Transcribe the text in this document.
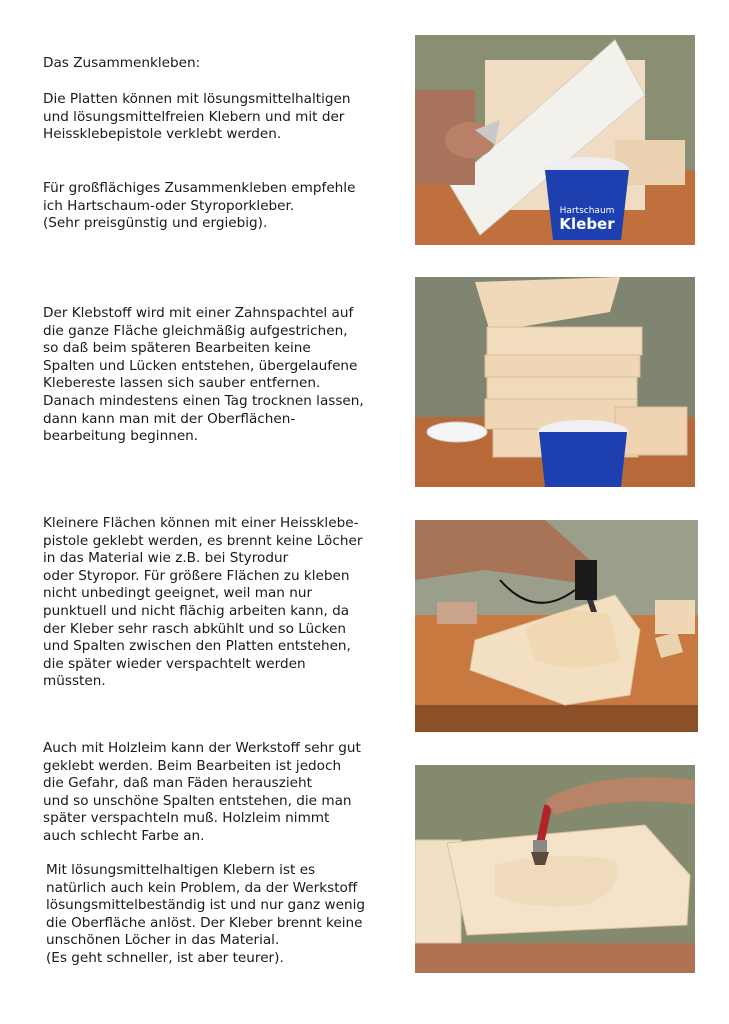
Das Zusammenkleben:
Die Platten können mit lösungsmittelhaltigen
und lösungsmittelfreien Klebern und mit der
Heissklebepistole verklebt werden.
Für großflächiges Zusammenkleben empfehle
ich Hartschaum-oder Styroporkleber.
(Sehr preisgünstig und ergiebig).
Der Klebstoff wird mit einer Zahnspachtel auf
die ganze Fläche gleichmäßig aufgestrichen,
so daß beim späteren Bearbeiten keine
Spalten und Lücken entstehen, übergelaufene
Klebereste lassen sich sauber entfernen.
Danach mindestens einen Tag trocknen lassen,
dann kann man mit der Oberflächen-
bearbeitung beginnen.
Kleinere Flächen können mit einer Heissklebe-
pistole geklebt werden, es brennt keine Löcher
in das Material wie z.B. bei Styrodur
oder Styropor. Für größere Flächen zu kleben
nicht unbedingt geeignet, weil man nur
punktuell und nicht flächig arbeiten kann, da
der Kleber sehr rasch abkühlt und so Lücken
und Spalten zwischen den Platten entstehen,
die später wieder verspachtelt werden
müssten.
Auch mit Holzleim kann der Werkstoff sehr gut
geklebt werden. Beim Bearbeiten ist jedoch
die Gefahr, daß man Fäden herauszieht
und so unschöne Spalten entstehen, die man
später verspachteln muß. Holzleim nimmt
auch schlecht Farbe an.
Mit lösungsmittelhaltigen Klebern ist es
natürlich auch kein Problem, da der Werkstoff
lösungsmittelbeständig ist und nur ganz wenig
die Oberfläche anlöst. Der Kleber brennt keine
unschönen Löcher in das Material.
(Es geht schneller, ist aber teurer).
Hartschaum
Kleber
